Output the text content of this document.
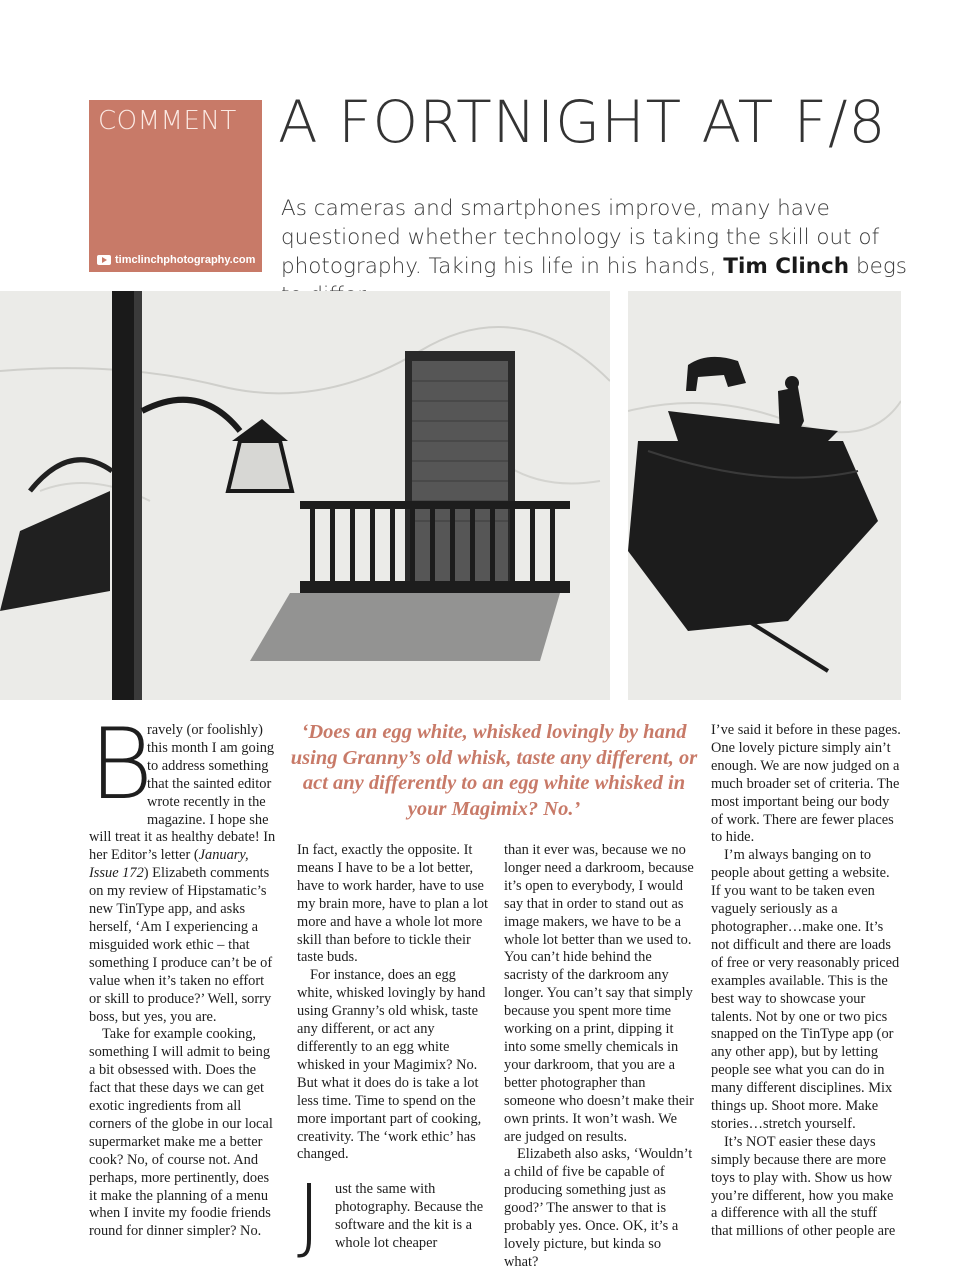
COMMENT
timclinchphotography.com
A FORTNIGHT AT F/8

As cameras and smartphones improve, many have questioned whether technology is taking the skill out of photography. Taking his life in his hands, Tim Clinch begs

‘Does an egg white, whisked lovingly by hand using Granny’s old whisk, taste any different, or act any differently to an egg white whisked in your Magimix? No.’

B
ravely (or foolishly) this month I am going to address something that the sainted editor wrote recently in the magazine. I hope she will treat it as healthy debate! In her Editor’s letter (January, Issue 172) Elizabeth comments on my review of Hipstamatic’s new TinType app, and asks herself, ‘Am I experiencing a misguided work ethic – that something I produce can’t be of value when it’s taken no effort or skill to produce?’ Well, sorry boss, but yes, you are.

Take for example cooking, something I will admit to being a bit obsessed with. Does the fact that these days we can get exotic ingredients from all corners of the globe in our local supermarket make me a better cook? No, of course not. And perhaps, more pertinently, does it make the planning of a menu when I invite my foodie friends round for dinner simpler? No.

In fact, exactly the opposite. It means I have to be a lot better, have to work harder, have to use my brain more, have to plan a lot more and have a whole lot more skill than before to tickle their taste buds.

For instance, does an egg white, whisked lovingly by hand using Granny’s old whisk, taste any different, or act any differently to an egg white whisked in your Magimix? No. But what it does do is take a lot less time. Time to spend on the more important part of cooking, creativity. The ‘work ethic’ has changed.

Just the same with photography. Because the software and the kit is a whole lot cheaper

than it ever was, because we no longer need a darkroom, because it’s open to everybody, I would say that in order to stand out as image makers, we have to be a whole lot better than we used to. You can’t hide behind the sacristy of the darkroom any longer. You can’t say that simply because you spent more time working on a print, dipping it into some smelly chemicals in your darkroom, that you are a better photographer than someone who doesn’t make their own prints. It won’t wash. We are judged on results.

Elizabeth also asks, ‘Wouldn’t a child of five be capable of producing something just as good?’ The answer to that is probably yes. Once. OK, it’s a lovely picture, but kinda so what?

I’ve said it before in these pages. One lovely picture simply ain’t enough. We are now judged on a much broader set of criteria. The most important being our body of work. There are fewer places to hide.

I’m always banging on to people about getting a website. If you want to be taken even vaguely seriously as a photographer…make one. It’s not difficult and there are loads of free or very reasonably priced examples available. This is the best way to showcase your talents. Not by one or two pics snapped on the TinType app (or any other app), but by letting people see what you can do in many different disciplines. Mix things up. Shoot more. Make stories…stretch yourself.

It’s NOT easier these days simply because there are more toys to play with. Show us how you’re different, how you make a difference with all the stuff that millions of other people are
